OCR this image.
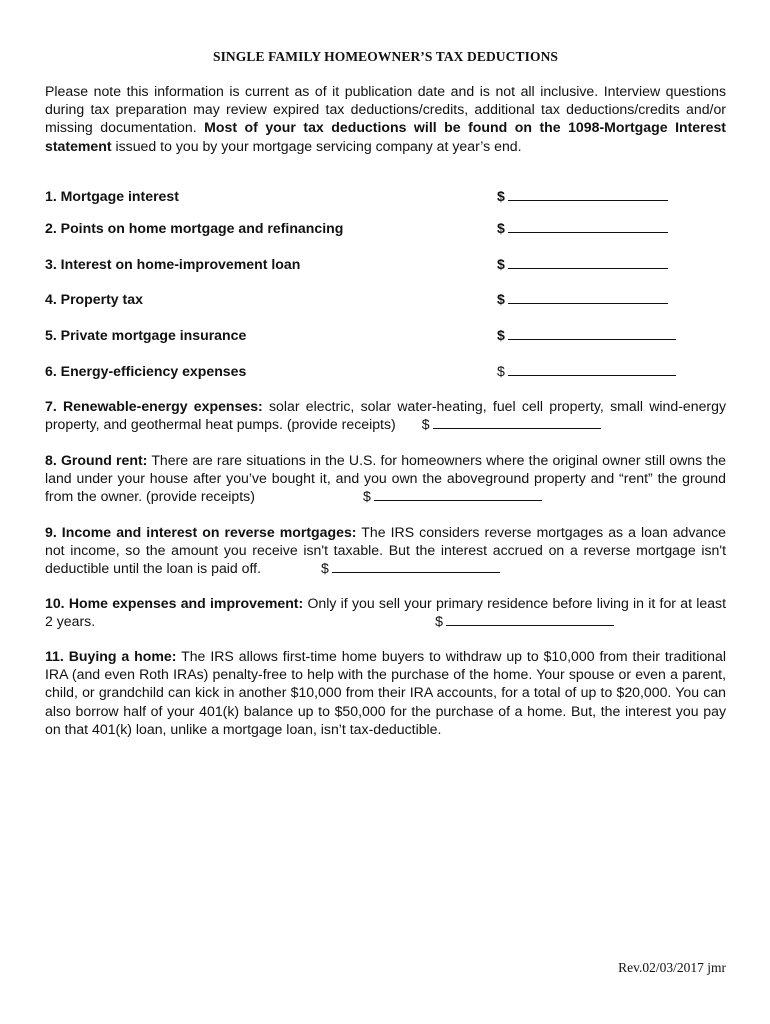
SINGLE FAMILY HOMEOWNER’S TAX DEDUCTIONS
Please note this information is current as of it publication date and is not all inclusive. Interview questions during tax preparation may review expired tax deductions/credits, additional tax deductions/credits and/or missing documentation. Most of your tax deductions will be found on the 1098-Mortgage Interest statement issued to you by your mortgage servicing company at year’s end.
1. Mortgage interest	$
2. Points on home mortgage and refinancing	$
3. Interest on home-improvement loan	$
4. Property tax	$
5. Private mortgage insurance	$
6. Energy-efficiency expenses	$
7. Renewable-energy expenses: solar electric, solar water-heating, fuel cell property, small wind-energy property, and geothermal heat pumps. (provide receipts) $
8. Ground rent: There are rare situations in the U.S. for homeowners where the original owner still owns the land under your house after you’ve bought it, and you own the aboveground property and “rent” the ground from the owner. (provide receipts)	$
9. Income and interest on reverse mortgages: The IRS considers reverse mortgages as a loan advance not income, so the amount you receive isn't taxable. But the interest accrued on a reverse mortgage isn't deductible until the loan is paid off.	$
10. Home expenses and improvement: Only if you sell your primary residence before living in it for at least 2 years.	$
11. Buying a home: The IRS allows first-time home buyers to withdraw up to $10,000 from their traditional IRA (and even Roth IRAs) penalty-free to help with the purchase of the home. Your spouse or even a parent, child, or grandchild can kick in another $10,000 from their IRA accounts, for a total of up to $20,000. You can also borrow half of your 401(k) balance up to $50,000 for the purchase of a home. But, the interest you pay on that 401(k) loan, unlike a mortgage loan, isn’t tax-deductible.
Rev.02/03/2017 jmr
